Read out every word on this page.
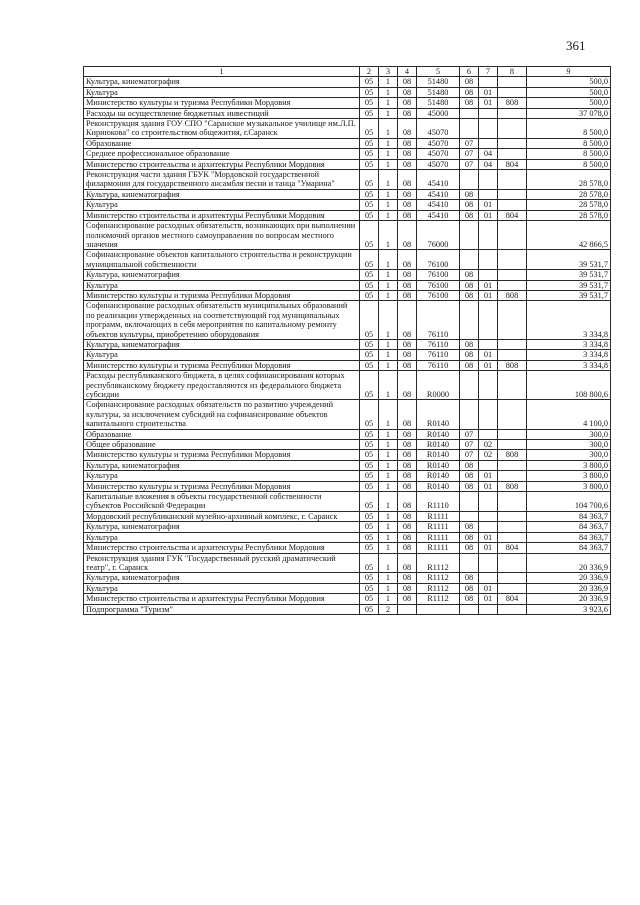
361
1	2	3	4	5	6	7	8	9
Культура, кинематография	05	1	08	51480	08			500,0
Культура	05	1	08	51480	08	01		500,0
Министерство культуры и туризма Республики Мордовия	05	1	08	51480	08	01	808	500,0
Расходы на осуществление бюджетных инвестиций	05	1	08	45000				37 078,0
Реконструкция здания ГОУ СПО "Саранское музыкальное училище им.Л.П. Кириюкова" со строительством общежития, г.Саранск	05	1	08	45070				8 500,0
Образование	05	1	08	45070	07			8 500,0
Среднее профессиональное образование	05	1	08	45070	07	04		8 500,0
Министерство строительства и архитектуры Республики Мордовия	05	1	08	45070	07	04	804	8 500,0
Реконструкция части здания ГБУК "Мордовской государственной филармонии для государственного ансамбля песни и танца "Умарина"	05	1	08	45410				28 578,0
Культура, кинематография	05	1	08	45410	08			28 578,0
Культура	05	1	08	45410	08	01		28 578,0
Министерство строительства и архитектуры Республики Мордовия	05	1	08	45410	08	01	804	28 578,0
Софинансирование расходных обязательств, возникающих при выполнении полномочий органов местного самоуправления по вопросам местного значения	05	1	08	76000				42 866,5
Софинансирование объектов капитального строительства и реконструкции муниципальной собственности	05	1	08	76100				39 531,7
Культура, кинематография	05	1	08	76100	08			39 531,7
Культура	05	1	08	76100	08	01		39 531,7
Министерство культуры и туризма Республики Мордовия	05	1	08	76100	08	01	808	39 531,7
Софинансирование расходных обязательств муниципальных образований по реализации утвержденных на соответствующий год муниципальных программ, включающих в себя мероприятия по капитальному ремонту объектов культуры, приобретению оборудования	05	1	08	76110				3 334,8
Культура, кинематография	05	1	08	76110	08			3 334,8
Культура	05	1	08	76110	08	01		3 334,8
Министерство культуры и туризма Республики Мордовия	05	1	08	76110	08	01	808	3 334,8
Расходы республиканского бюджета, в целях софинансирования которых республиканскому бюджету предоставляются из федерального бюджета субсидии	05	1	08	R0000				108 800,6
Софинансирование расходных обязательств по развитию учреждений культуры, за исключением субсидий на софинансирование объектов капитального строительства	05	1	08	R0140				4 100,0
Образование	05	1	08	R0140	07			300,0
Общее образование	05	1	08	R0140	07	02		300,0
Министерство культуры и туризма Республики Мордовия	05	1	08	R0140	07	02	808	300,0
Культура, кинематография	05	1	08	R0140	08			3 800,0
Культура	05	1	08	R0140	08	01		3 800,0
Министерство культуры и туризма Республики Мордовия	05	1	08	R0140	08	01	808	3 800,0
Капитальные вложения в объекты государственной собственности субъектов Российской Федерации	05	1	08	R1110				104 700,6
Мордовский республиканский музейно-архивный комплекс, г. Саранск	05	1	08	R1111				84 363,7
Культура, кинематография	05	1	08	R1111	08			84 363,7
Культура	05	1	08	R1111	08	01		84 363,7
Министерство строительства и архитектуры Республики Мордовия	05	1	08	R1111	08	01	804	84 363,7
Реконструкция здания ГУК "Государственный русский драматический театр", г. Саранск	05	1	08	R1112				20 336,9
Культура, кинематография	05	1	08	R1112	08			20 336,9
Культура	05	1	08	R1112	08	01		20 336,9
Министерство строительства и архитектуры Республики Мордовия	05	1	08	R1112	08	01	804	20 336,9
Подпрограмма "Туризм"	05	2						3 923,6
